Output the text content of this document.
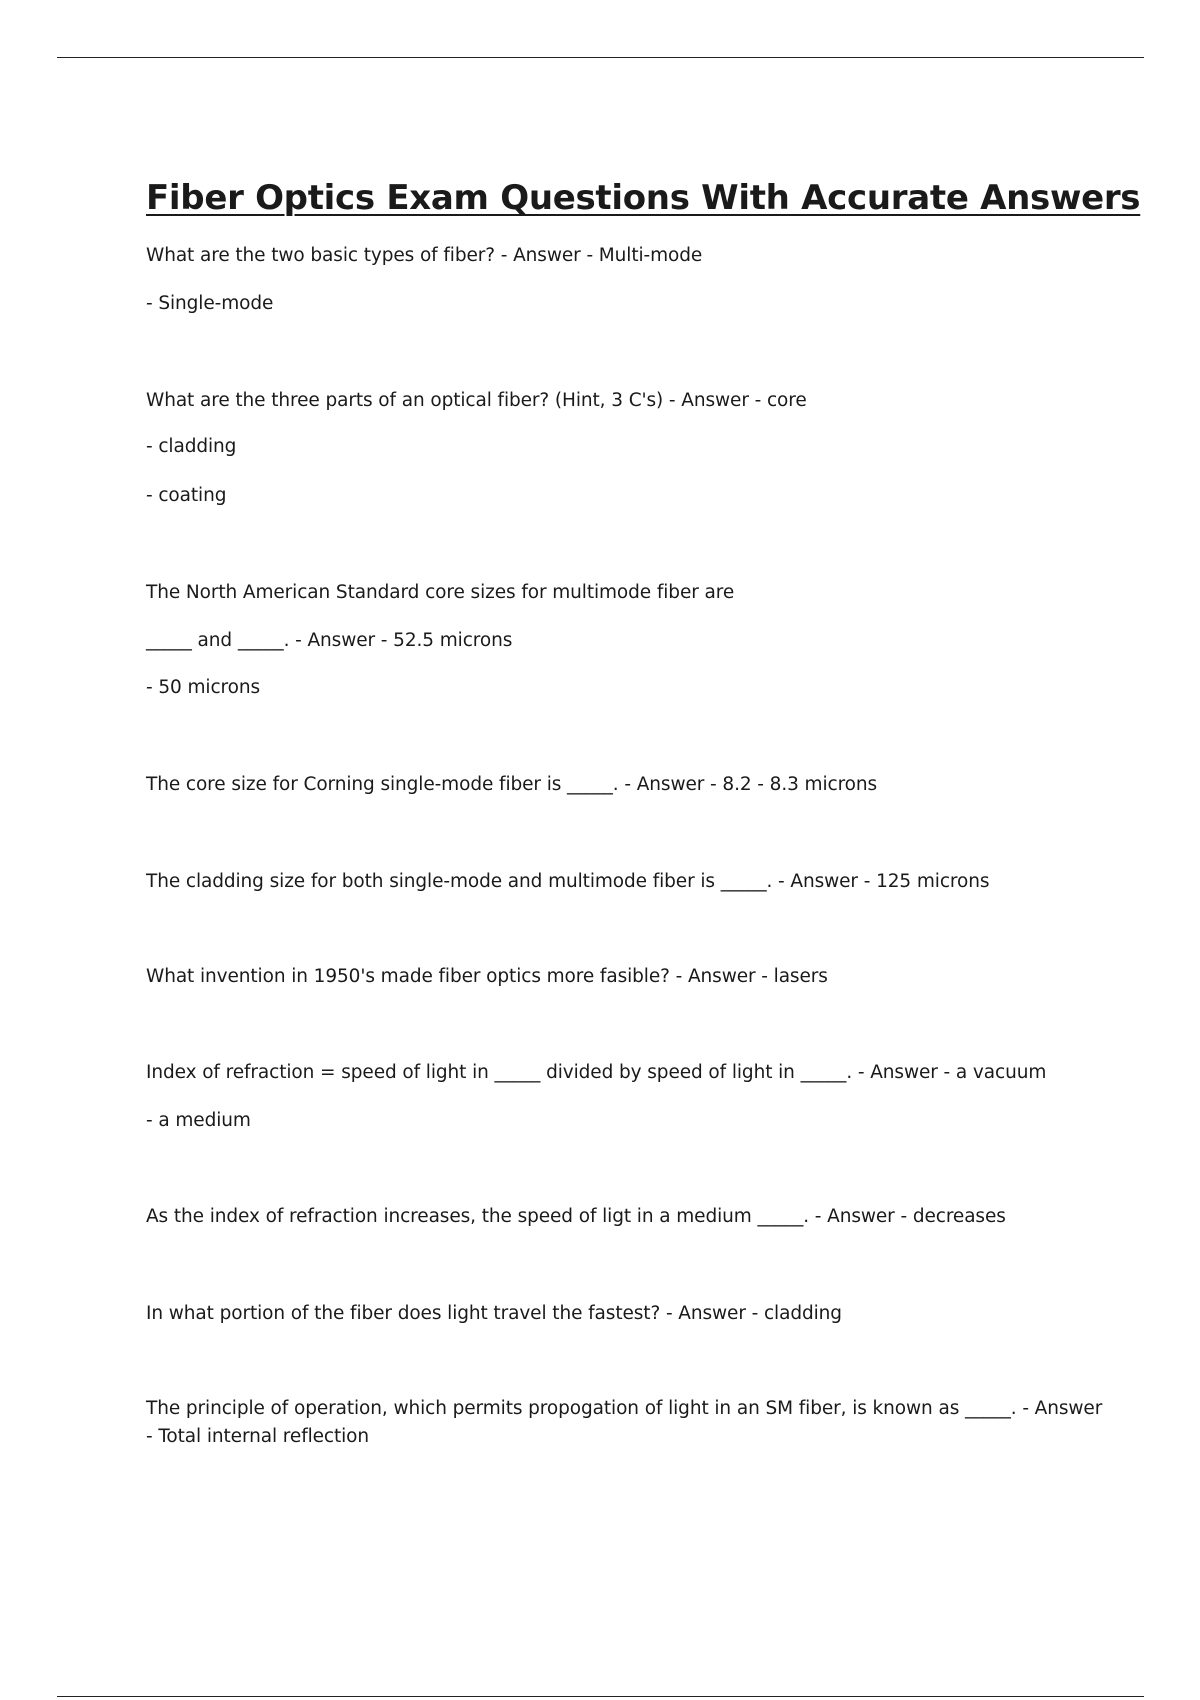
Fiber Optics Exam Questions With Accurate Answers

What are the two basic types of fiber? - Answer - Multi-mode

- Single-mode

What are the three parts of an optical fiber? (Hint, 3 C's) - Answer - core

- cladding

- coating

The North American Standard core sizes for multimode fiber are

_____ and _____. - Answer - 52.5 microns

- 50 microns

The core size for Corning single-mode fiber is _____. - Answer - 8.2 - 8.3 microns

The cladding size for both single-mode and multimode fiber is _____. - Answer - 125 microns

What invention in 1950's made fiber optics more fasible? - Answer - lasers

Index of refraction = speed of light in _____ divided by speed of light in _____. - Answer - a vacuum

- a medium

As the index of refraction increases, the speed of ligt in a medium _____. - Answer - decreases

In what portion of the fiber does light travel the fastest? - Answer - cladding

The principle of operation, which permits propogation of light in an SM fiber, is known as _____. - Answer

- Total internal reflection
